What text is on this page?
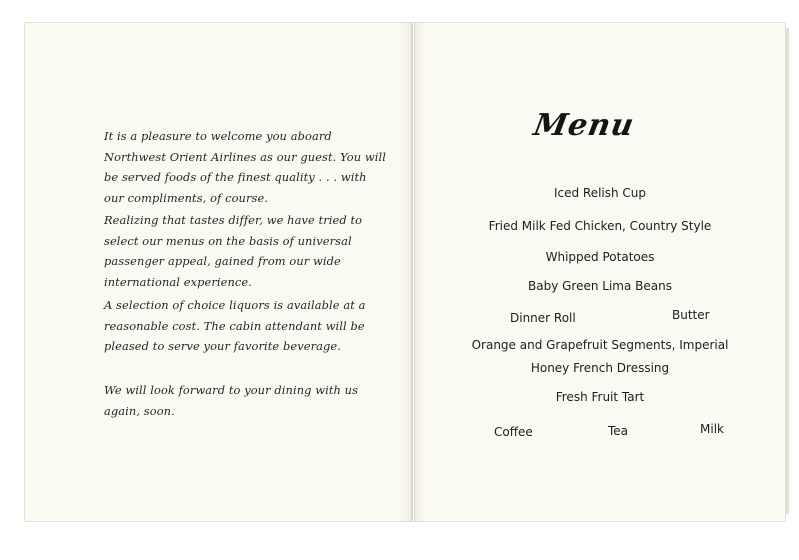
It is a pleasure to welcome you aboard Northwest Orient Airlines as our guest. You will be served foods of the finest quality . . . with our compliments, of course.

Realizing that tastes differ, we have tried to select our menus on the basis of universal passenger appeal, gained from our wide international experience.

A selection of choice liquors is available at a reasonable cost. The cabin attendant will be pleased to serve your favorite beverage.

We will look forward to your dining with us again, soon.

Menu
Iced Relish Cup
Fried Milk Fed Chicken, Country Style
Whipped Potatoes
Baby Green Lima Beans
Dinner Roll	Butter
Orange and Grapefruit Segments, Imperial
Honey French Dressing
Fresh Fruit Tart
Coffee	Tea	Milk
